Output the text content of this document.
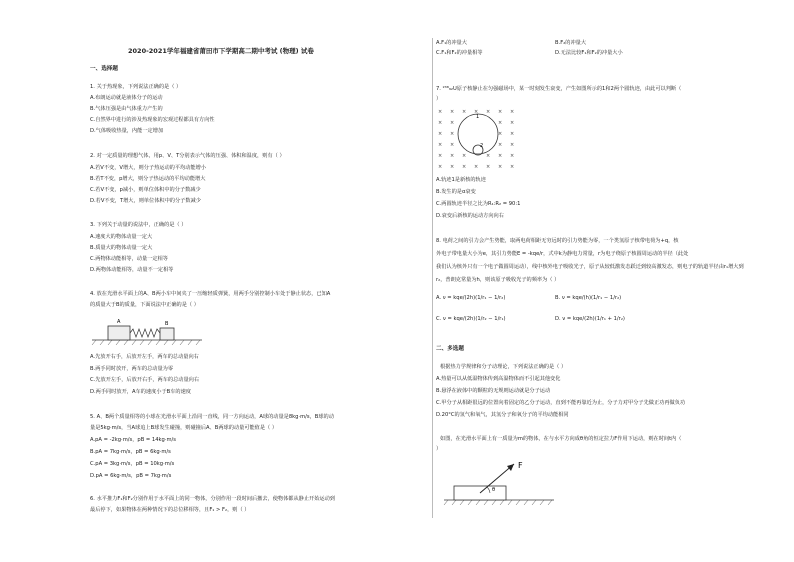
2020-2021学年福建省莆田市下学期高二期中考试 (物理) 试卷
一、选择题
1. 关于热现象，下列说法正确的是（ ）
A.布朗运动就是液体分子的运动
B.气体压强是由气体重力产生的
C.自然界中进行的涉及热现象的宏观过程都具有方向性
D.气体吸收热量，内能一定增加
2. 对一定质量的理想气体，用p、V、T分别表示气体的压强、体积和温度，则有（ ）
A.若V不变，V增大，则分子热运动的平均动能增小
B.若T不变，p增大，则分子热运动的平均动能增大
C.若V不变，p减小，则单位体积中的分子数减少
D.若V不变，T增大，则单位体积中的分子数减少
3. 下列关于动量的说法中，正确的是（ ）
A.速度大的物体动量一定大
B.质量大的物体动量一定大
C.两物体动能相等，动量一定相等
D.两物体动能相等，动量不一定相等
4. 放在光滑水平面上的A、B两小车中间夹了一压缩轻质弹簧，用两手分别控制小车处于静止状态，已知A
的质量大于B的质量，下面说法中正确的是（ ）
A	B
A.先放开右手，后放开左手，两车的总动量向右
B.两手同时放开，两车的总动量为零
C.先放开左手，后放开右手，两车的总动量向右
D.两手同时放开，A车的速度小于B车的速度
5. A、B两个质量相等的小球在光滑水平面上沿同一直线，同一方向运动，A球的动量是8kg·m/s，B球的动
量是5kg·m/s，当A球追上B球发生碰撞，则碰撞后A、B两球的动量可能值是（ ）
A.pA = -2kg·m/s，pB = 14kg·m/s
B.pA = 7kg·m/s，pB = 6kg·m/s
C.pA = 3kg·m/s，pB = 10kg·m/s
D.pA = 6kg·m/s，pB = 7kg·m/s
6. 水平推力F₁和F₂分别作用于水平面上的同一物体，分别作用一段时间后撤去，使物体都从静止开始运动到
最后停下，如果物体在两种情况下的总位移相等，且F₁ > F₂，则（ ）
A.F₁的冲量大	B.F₂的冲量大
C.F₁和F₂的冲量相等	D.无法比较F₁和F₂的冲量大小
7. ²³⁸₉₂U原子核静止在匀强磁场中，某一时刻发生衰变，产生如图所示的1和2两个圆轨迹，由此可以判断（
）
× × × × × × ×
× ×	× ×
× ×	× ×
× ×	× ×
× × ×	× × ×
× × × × × × ×
1
2
A.轨迹1是新核的轨迹
B.发生的是α衰变
C.两圆轨迹半径之比为R₁:R₂ = 90:1
D.衰变后新核的运动方向向右
8. 电荷之间的引力会产生势能，取两电荷相距无穷远时的引力势能为零，一个类氢原子核带电荷为+q，核
外电子带电量大小为e，其引力势能E = -kqe/r，式中k为静电力常量，r为电子绕原子核圆周运动的半径（此处
我们认为核外只有一个电子做圆周运动），线中核外电子吸收光子，原子从较低激发态跃迁到较高激发态，则电子的轨道半径由r₁增大到
r₂，普朗克常量为h，则该原子吸收光子的频率为（ ）
A. ν = kqe/(2h)(1/r₁ − 1/r₂)	B. ν = kqe/(h)(1/r₁ − 1/r₂)
C. ν = kqe/(2h)(1/r₂ − 1/r₁)	D. ν = kqe/(2h)(1/r₁ + 1/r₂)
二、多选题
根据热力学规律和分子动理论，下列说法正确的是（ ）
A.热量可以从低温物体传到高温物体而不引起其他变化
B.悬浮在液体中的颗粒的无规则运动就是分子运动
C.甲分子从相距很远的位置向着固定的乙分子运动，直到不能再靠近为止，分子力对甲分子先做正功再做负功
D.20°C的氢气和氧气，其氢分子和氧分子的平均动能相同
如图，在光滑水平面上有一质量为m的物体，在与水平方向成θ角的恒定拉力F作用下运动，则在时间t内（
）
F
θ
